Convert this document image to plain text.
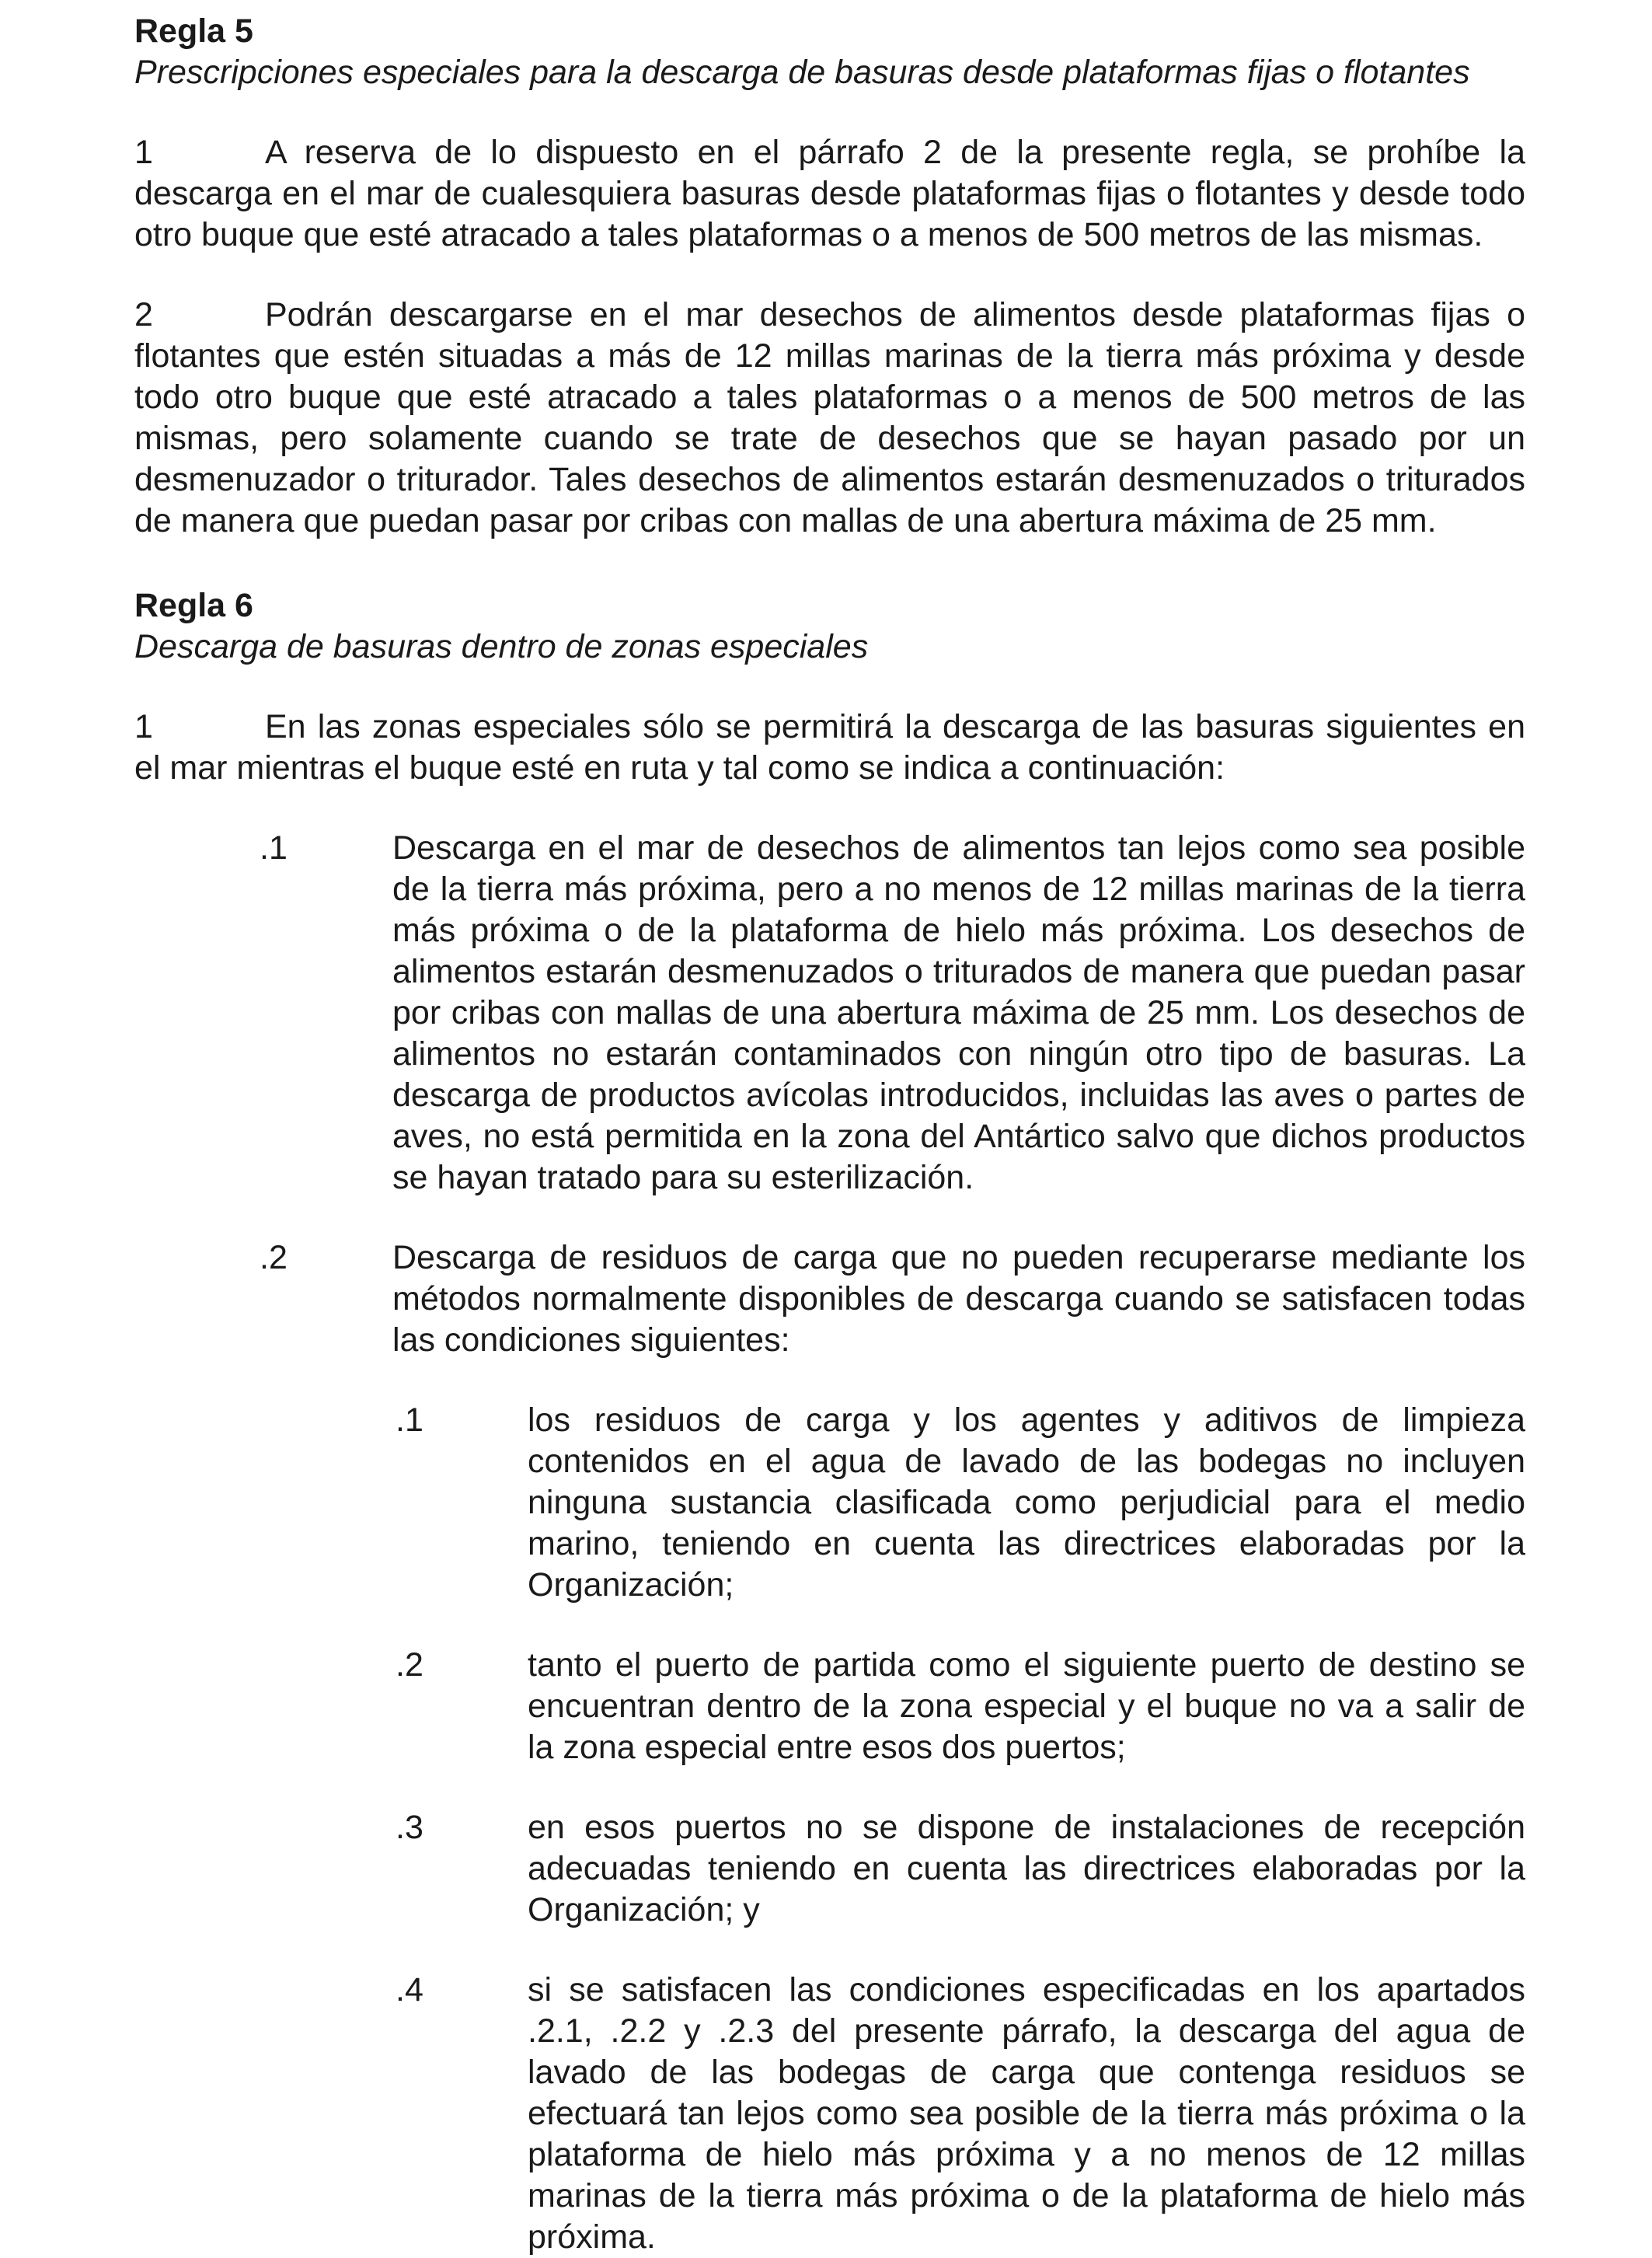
Regla 5

Prescripciones especiales para la descarga de basuras desde plataformas fijas o flotantes

1	A reserva de lo dispuesto en el párrafo 2 de la presente regla, se prohíbe la descarga en el mar de cualesquiera basuras desde plataformas fijas o flotantes y desde todo otro buque que esté atracado a tales plataformas o a menos de 500 metros de las mismas.

2	Podrán descargarse en el mar desechos de alimentos desde plataformas fijas o flotantes que estén situadas a más de 12 millas marinas de la tierra más próxima y desde todo otro buque que esté atracado a tales plataformas o a menos de 500 metros de las mismas, pero solamente cuando se trate de desechos que se hayan pasado por un desmenuzador o triturador. Tales desechos de alimentos estarán desmenuzados o triturados de manera que puedan pasar por cribas con mallas de una abertura máxima de 25 mm.

Regla 6

Descarga de basuras dentro de zonas especiales

1	En las zonas especiales sólo se permitirá la descarga de las basuras siguientes en el mar mientras el buque esté en ruta y tal como se indica a continuación:

.1	Descarga en el mar de desechos de alimentos tan lejos como sea posible de la tierra más próxima, pero a no menos de 12 millas marinas de la tierra más próxima o de la plataforma de hielo más próxima. Los desechos de alimentos estarán desmenuzados o triturados de manera que puedan pasar por cribas con mallas de una abertura máxima de 25 mm. Los desechos de alimentos no estarán contaminados con ningún otro tipo de basuras. La descarga de productos avícolas introducidos, incluidas las aves o partes de aves, no está permitida en la zona del Antártico salvo que dichos productos se hayan tratado para su esterilización.
.2	Descarga de residuos de carga que no pueden recuperarse mediante los métodos normalmente disponibles de descarga cuando se satisfacen todas las condiciones siguientes:
.1	los residuos de carga y los agentes y aditivos de limpieza contenidos en el agua de lavado de las bodegas no incluyen ninguna sustancia clasificada como perjudicial para el medio marino, teniendo en cuenta las directrices elaboradas por la Organización;
.2	tanto el puerto de partida como el siguiente puerto de destino se encuentran dentro de la zona especial y el buque no va a salir de la zona especial entre esos dos puertos;
.3	en esos puertos no se dispone de instalaciones de recepción adecuadas teniendo en cuenta las directrices elaboradas por la Organización; y
.4	si se satisfacen las condiciones especificadas en los apartados .2.1, .2.2 y .2.3 del presente párrafo, la descarga del agua de lavado de las bodegas de carga que contenga residuos se efectuará tan lejos como sea posible de la tierra más próxima o la plataforma de hielo más próxima y a no menos de 12 millas marinas de la tierra más próxima o de la plataforma de hielo más próxima.
